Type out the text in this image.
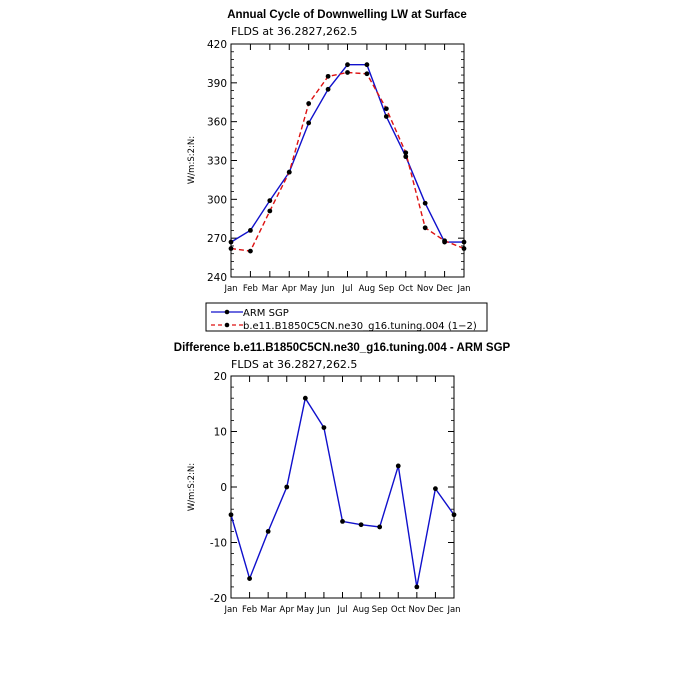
Annual Cycle of Downwelling LW at Surface
FLDS at 36.2827,262.5
W/m:S:2:N:
240
270
300
330
360
390
420
Jan Feb Mar Apr May Jun Jul Aug Sep Oct Nov Dec Jan
ARM SGP
b.e11.B1850C5CN.ne30_g16.tuning.004 (1−2)
Difference b.e11.B1850C5CN.ne30_g16.tuning.004 - ARM SGP
FLDS at 36.2827,262.5
W/m:S:2:N:
-20
-10
0
10
20
Jan Feb Mar Apr May Jun Jul Aug Sep Oct Nov Dec Jan
